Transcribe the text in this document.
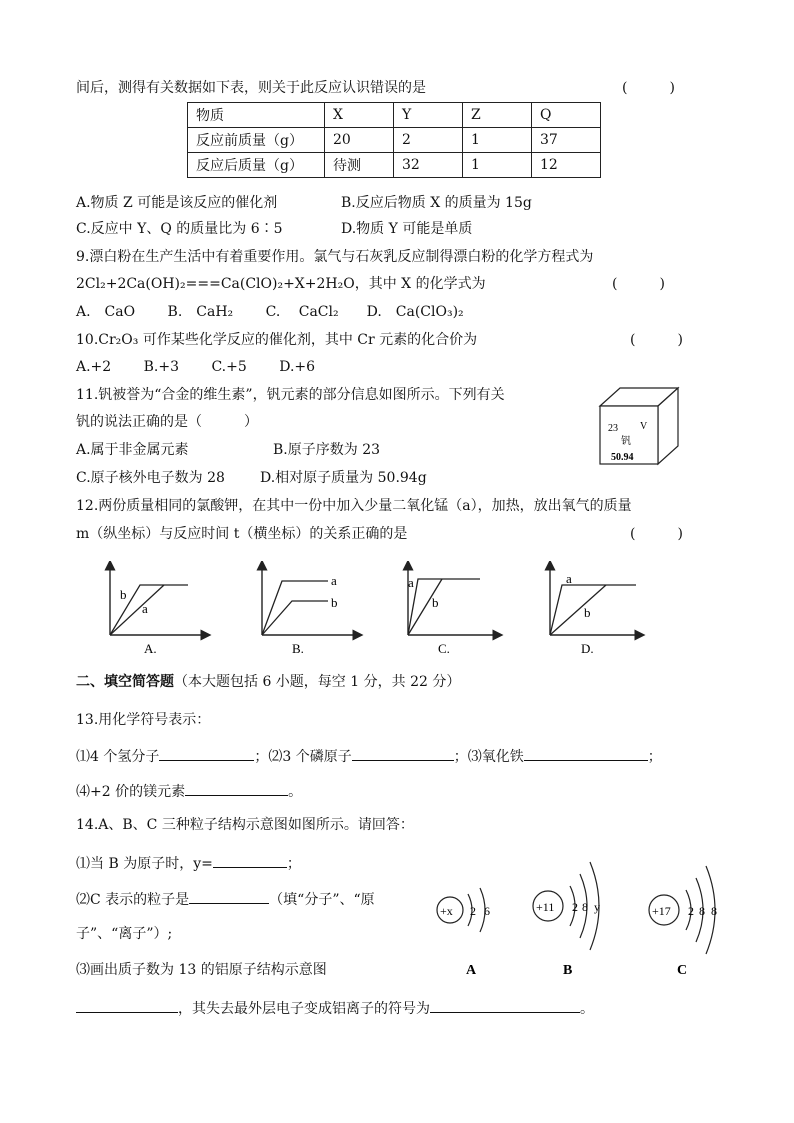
间后，测得有关数据如下表，则关于此反应认识错误的是	(　　　)
物质	X	Y	Z	Q
反应前质量（g）	20	2	1	37
反应后质量（g）	待测	32	1	12
A.物质 Z 可能是该反应的催化剂	B.反应后物质 X 的质量为 15g
C.反应中 Y、Q 的质量比为 6∶5	D.物质 Y 可能是单质
9.漂白粉在生产生活中有着重要作用。氯气与石灰乳反应制得漂白粉的化学方程式为
2Cl₂+2Ca(OH)₂===Ca(ClO)₂+X+2H₂O，其中 X 的化学式为	(　　　)
A.　CaO　　 B.　CaH₂　　 C.　 CaCl₂　　D.　Ca(ClO₃)₂
10.Cr₂O₃ 可作某些化学反应的催化剂，其中 Cr 元素的化合价为	(　　　)
A.+2　　 B.+3　　 C.+5　　 D.+6
11.钒被誉为“合金的维生素”，钒元素的部分信息如图所示。下列有关
钒的说法正确的是（　　　）
A.属于非金属元素	B.原子序数为 23
C.原子核外电子数为 28	D.相对原子质量为 50.94g
23 V
钒
50.94
12.两份质量相同的氯酸钾，在其中一份中加入少量二氧化锰（a），加热，放出氧气的质量
m（纵坐标）与反应时间 t（横坐标）的关系正确的是	(　　　)
b
a
A.
a
b
B.
a
b
C.
a
b
D.
二、填空简答题（本大题包括 6 小题，每空 1 分，共 22 分）
13.用化学符号表示：
⑴4 个氢分子	；⑵3 个磷原子	；⑶氧化铁	；
⑷+2 价的镁元素	。
14.A、B、C 三种粒子结构示意图如图所示。请回答：
⑴当 B 为原子时，y=	；
⑵C 表示的粒子是	（填“分子”、“原
子”、“离子”）;
⑶画出质子数为 13 的铝原子结构示意图
，其失去最外层电子变成铝离子的符号为	。
+x 2 6
A
+11 2 8 y
B
+17 2 8 8
C
